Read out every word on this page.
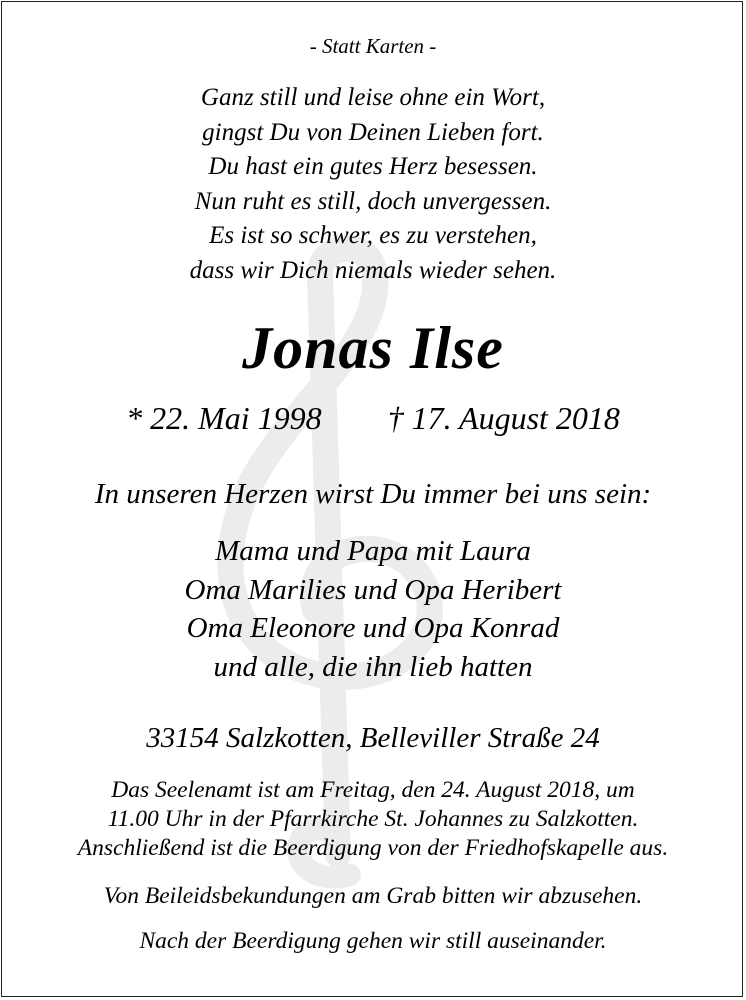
- Statt Karten -
Ganz still und leise ohne ein Wort,
gingst Du von Deinen Lieben fort.
Du hast ein gutes Herz besessen.
Nun ruht es still, doch unvergessen.
Es ist so schwer, es zu verstehen,
dass wir Dich niemals wieder sehen.
Jonas Ilse
* 22. Mai 1998 † 17. August 2018
In unseren Herzen wirst Du immer bei uns sein:
Mama und Papa mit Laura
Oma Marilies und Opa Heribert
Oma Eleonore und Opa Konrad
und alle, die ihn lieb hatten
33154 Salzkotten, Belleviller Straße 24
Das Seelenamt ist am Freitag, den 24. August 2018, um
11.00 Uhr in der Pfarrkirche St. Johannes zu Salzkotten.
Anschließend ist die Beerdigung von der Friedhofskapelle aus.
Von Beileidsbekundungen am Grab bitten wir abzusehen.
Nach der Beerdigung gehen wir still auseinander.
